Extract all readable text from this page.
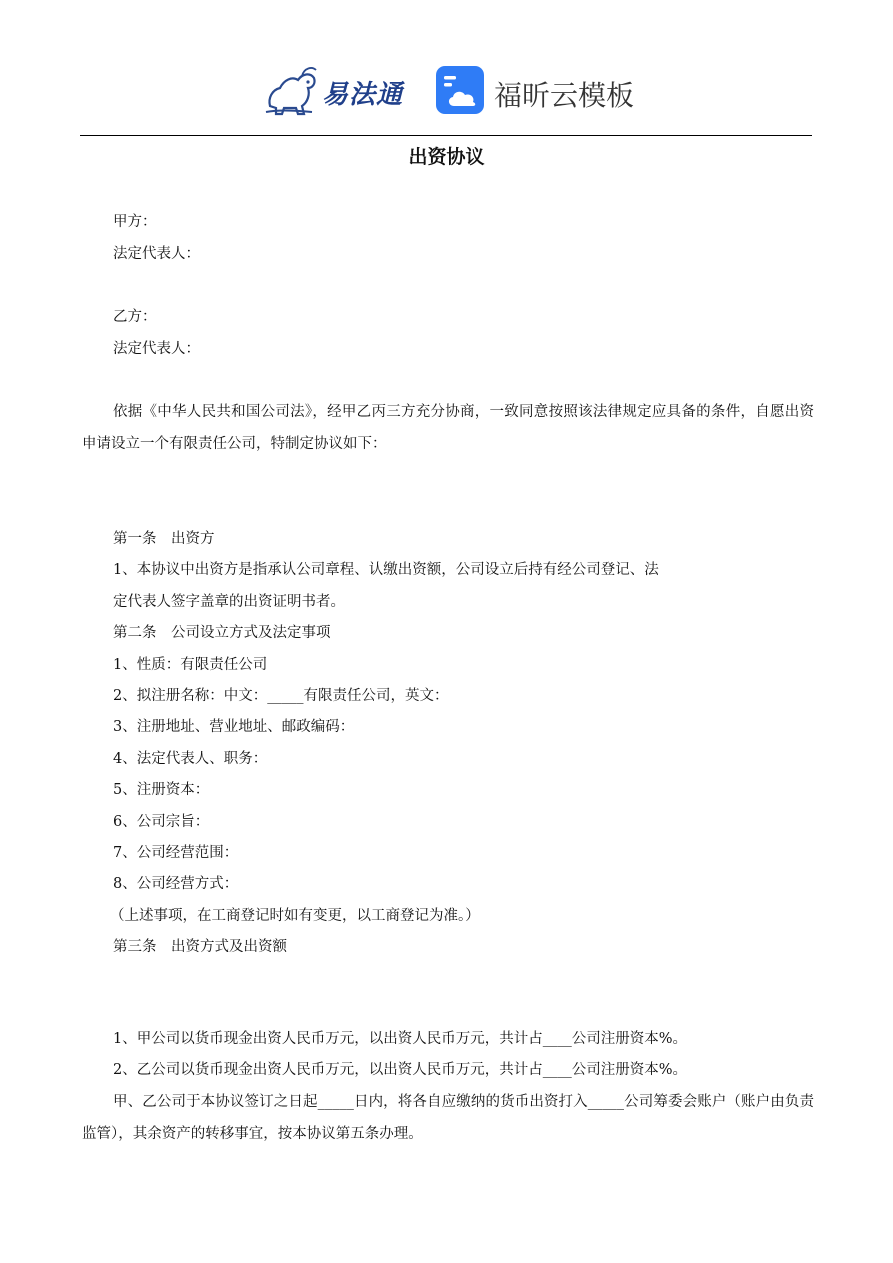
易法通	福昕云模板
出资协议
甲方：
法定代表人：
乙方：
法定代表人：
依据《中华人民共和国公司法》，经甲乙丙三方充分协商，一致同意按照该法律规定应具备的条件，自愿出资申请设立一个有限责任公司，特制定协议如下：
第一条　出资方
1、本协议中出资方是指承认公司章程、认缴出资额，公司设立后持有经公司登记、法
定代表人签字盖章的出资证明书者。
第二条　公司设立方式及法定事项
1、性质：有限责任公司
2、拟注册名称：中文：_____有限责任公司，英文：
3、注册地址、营业地址、邮政编码：
4、法定代表人、职务：
5、注册资本：
6、公司宗旨：
7、公司经营范围：
8、公司经营方式：
（上述事项，在工商登记时如有变更，以工商登记为准。）
第三条　出资方式及出资额
1、甲公司以货币现金出资人民币万元，以出资人民币万元，共计占____公司注册资本%。
2、乙公司以货币现金出资人民币万元，以出资人民币万元，共计占____公司注册资本%。
甲、乙公司于本协议签订之日起_____日内，将各自应缴纳的货币出资打入_____公司筹委会账户（账户由负责监管），其余资产的转移事宜，按本协议第五条办理。
